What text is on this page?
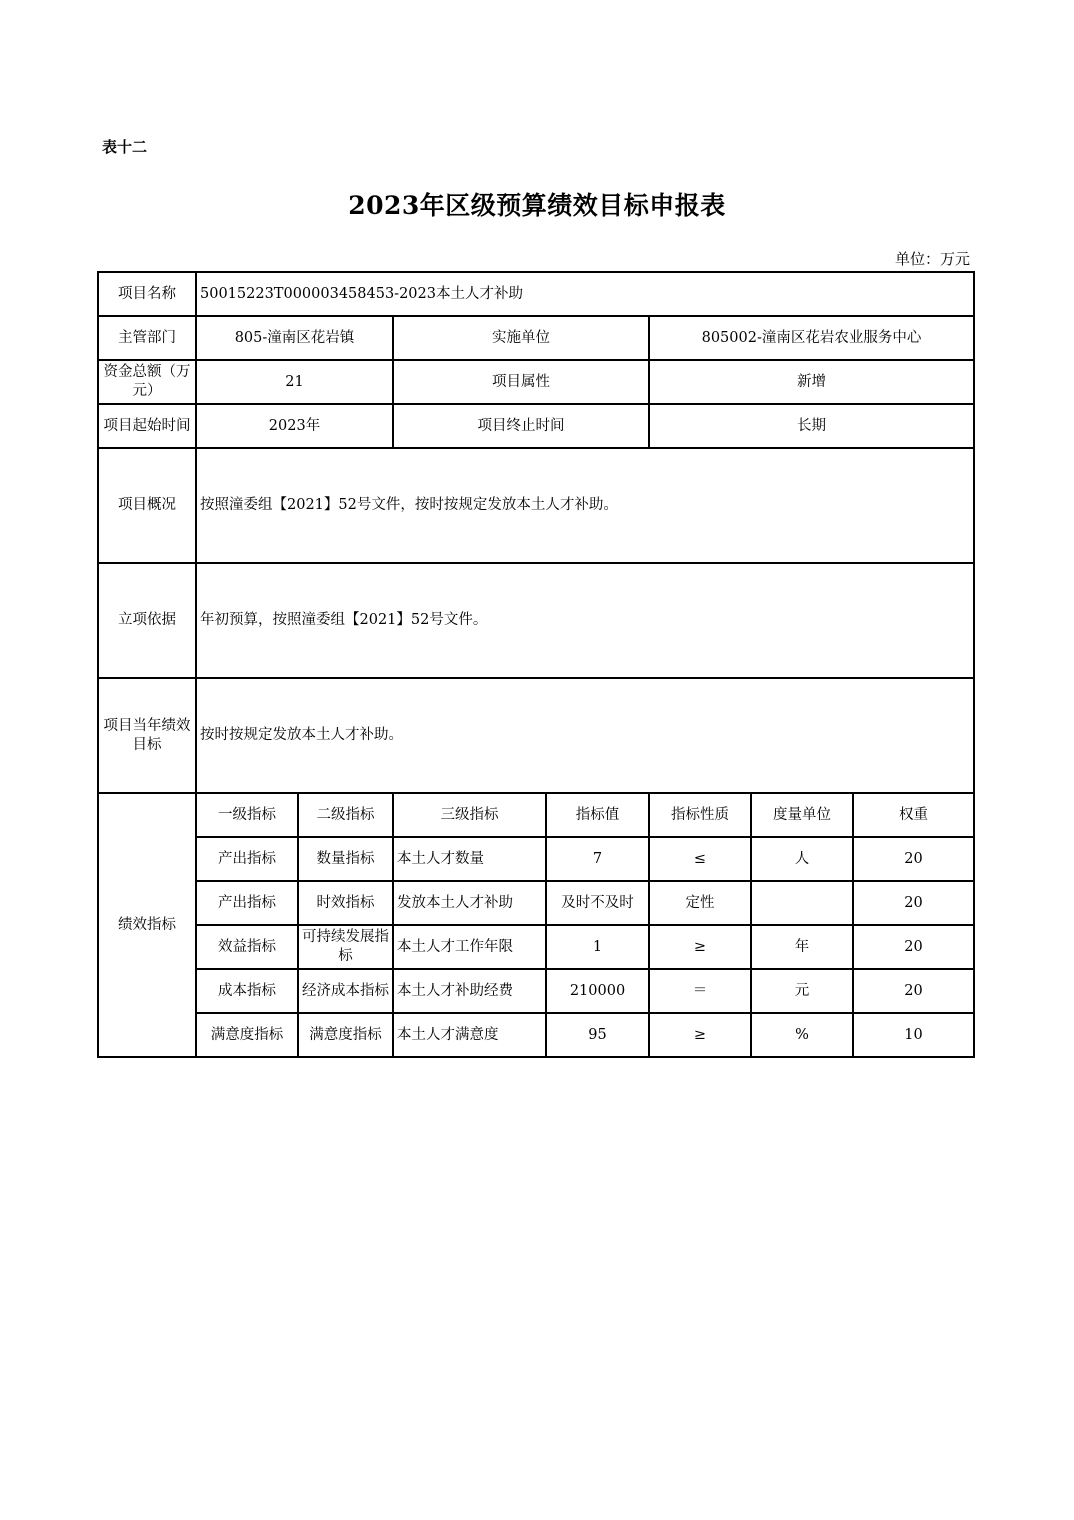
表十二
2023年区级预算绩效目标申报表
单位：万元
项目名称	50015223T000003458453-2023本土人才补助						
主管部门	805-潼南区花岩镇		实施单位		805002-潼南区花岩农业服务中心		
资金总额（万元）	21		项目属性		新增		
项目起始时间	2023年		项目终止时间		长期		
项目概况	按照潼委组【2021】52号文件，按时按规定发放本土人才补助。						
立项依据	年初预算，按照潼委组【2021】52号文件。						
项目当年绩效目标	按时按规定发放本土人才补助。						
绩效指标	一级指标	二级指标	三级指标	指标值	指标性质	度量单位	权重
	产出指标	数量指标	本土人才数量	7	≤	人	20
	产出指标	时效指标	发放本土人才补助	及时不及时	定性		20
	效益指标	可持续发展指标	本土人才工作年限	1	≥	年	20
	成本指标	经济成本指标	本土人才补助经费	210000	＝	元	20
	满意度指标	满意度指标	本土人才满意度	95	≥	%	10
